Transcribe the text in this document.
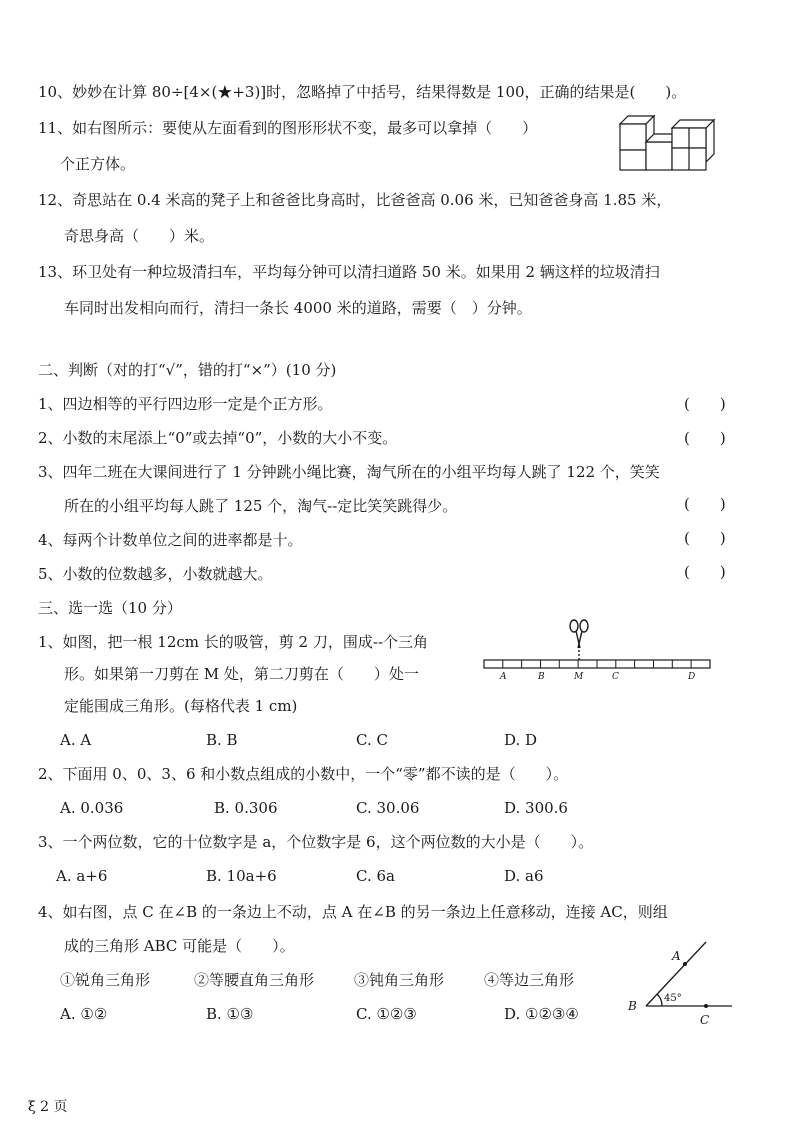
10、妙妙在计算 80÷[4×(★+3)]时，忽略掉了中括号，结果得数是 100，正确的结果是(　　)。
11、如右图所示：要使从左面看到的图形形状不变，最多可以拿掉（　　）
个正方体。
12、奇思站在 0.4 米高的凳子上和爸爸比身高时，比爸爸高 0.06 米，已知爸爸身高 1.85 米，
奇思身高（　　）米。
13、环卫处有一种垃圾清扫车，平均每分钟可以清扫道路 50 米。如果用 2 辆这样的垃圾清扫
车同时出发相向而行，清扫一条长 4000 米的道路，需要（　）分钟。
二、判断（对的打“√”，错的打“×”）(10 分)
1、四边相等的平行四边形一定是个正方形。	(　　)
2、小数的末尾添上“0”或去掉“0”，小数的大小不变。	(　　)
3、四年二班在大课间进行了 1 分钟跳小绳比赛，淘气所在的小组平均每人跳了 122 个，笑笑
所在的小组平均每人跳了 125 个，淘气--定比笑笑跳得少。	(　　)
4、每两个计数单位之间的进率都是十。	(　　)
5、小数的位数越多，小数就越大。	(　　)
三、选一选（10 分）
1、如图，把一根 12cm 长的吸管，剪 2 刀，围成--个三角
形。如果第一刀剪在 M 处，第二刀剪在（　　）处一
定能围成三角形。(每格代表 1 cm)
A	B	M	C	D
A. A	B. B	C. C	D. D
2、下面用 0、0、3、6 和小数点组成的小数中，一个“零”都不读的是（　　）。
A. 0.036	B. 0.306	C. 30.06	D. 300.6
3、一个两位数，它的十位数字是 a，个位数字是 6，这个两位数的大小是（　　）。
A. a+6	B. 10a+6	C. 6a	D. a6
4、如右图，点 C 在∠B 的一条边上不动，点 A 在∠B 的另一条边上任意移动，连接 AC，则组
成的三角形 ABC 可能是（　　）。
①锐角三角形	②等腰直角三角形	③钝角三角形	④等边三角形
A. ①②	B. ①③	C. ①②③	D. ①②③④
A
B
C
45°
ξ 2 页
